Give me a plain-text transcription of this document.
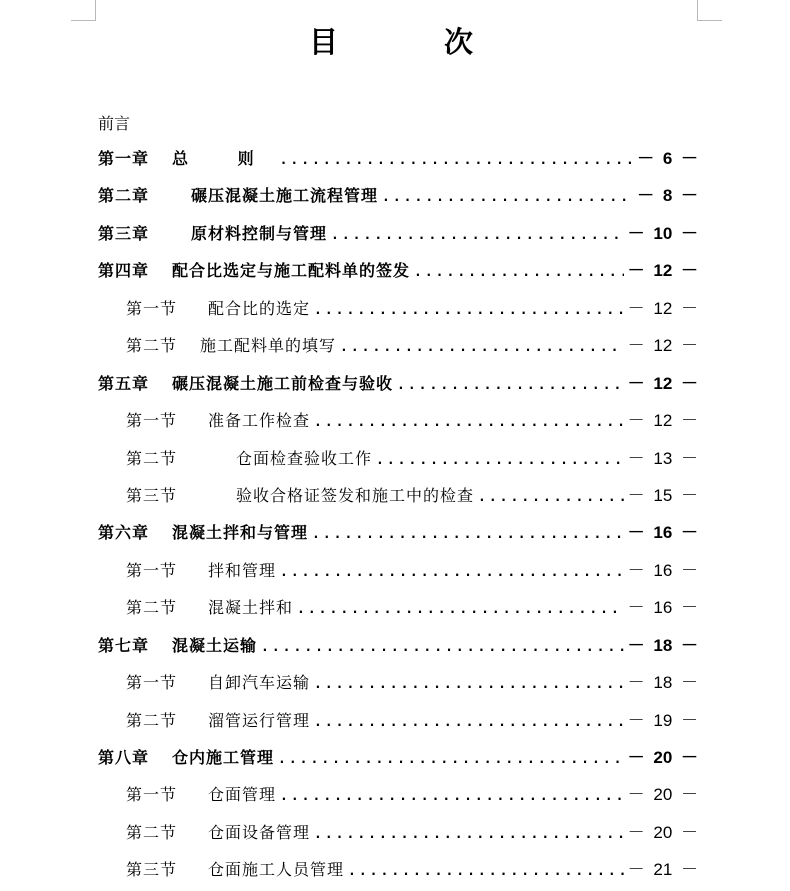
目 次
前言
第一章	总 则 .....	－ 6 －
第二章	碾压混凝土施工流程管理 .....	－ 8 －
第三章	原材料控制与管理 .....	－ 10 －
第四章	配合比选定与施工配料单的签发 .....	－ 12 －
第一节	配合比的选定 .....	－ 12 －
第二节	施工配料单的填写 .....	－ 12 －
第五章	碾压混凝土施工前检查与验收 .....	－ 12 －
第一节	准备工作检查 .....	－ 12 －
第二节	仓面检查验收工作 .....	－ 13 －
第三节	验收合格证签发和施工中的检查 .....	－ 15 －
第六章	混凝土拌和与管理 .....	－ 16 －
第一节	拌和管理 .....	－ 16 －
第二节	混凝土拌和 .....	－ 16 －
第七章	混凝土运输 .....	－ 18 －
第一节	自卸汽车运输 .....	－ 18 －
第二节	溜管运行管理 .....	－ 19 －
第八章	仓内施工管理 .....	－ 20 －
第一节	仓面管理 .....	－ 20 －
第二节	仓面设备管理 .....	－ 20 －
第三节	仓面施工人员管理 .....	－ 21 －
